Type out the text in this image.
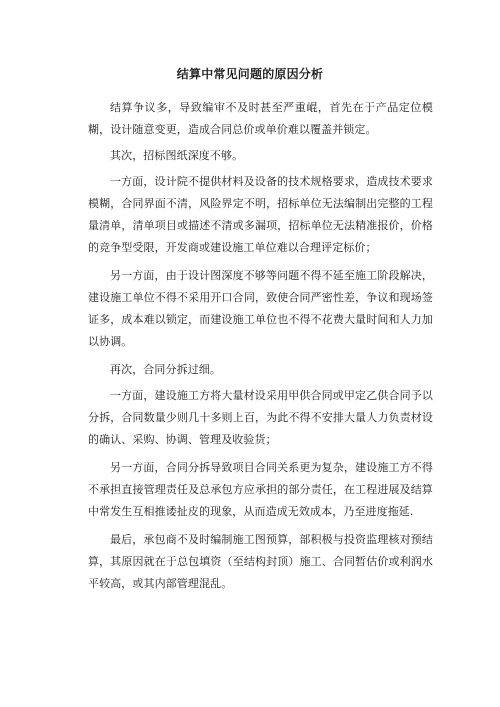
结算中常见问题的原因分析

结算争议多，导致编审不及时甚至严重崐，首先在于产品定位模糊，设计随意变更，造成合同总价或单价难以覆盖并锁定。

其次，招标图纸深度不够。

一方面，设计院不提供材料及设备的技术规格要求，造成技术要求模糊，合同界面不清，风险界定不明，招标单位无法编制出完整的工程量清单，清单项目或描述不清或多漏项，招标单位无法精准报价，价格的竞争型受限，开发商或建设施工单位难以合理评定标价；

另一方面，由于设计图深度不够等问题不得不延至施工阶段解决，建设施工单位不得不采用开口合同，致使合同严密性差，争议和现场签证多，成本难以锁定，而建设施工单位也不得不花费大量时间和人力加以协调。

再次，合同分拆过细。

一方面，建设施工方将大量材设采用甲供合同或甲定乙供合同予以分拆，合同数量少则几十多则上百，为此不得不安排大量人力负责材设的确认、采购、协调、管理及收验货；

另一方面，合同分拆导致项目合同关系更为复杂，建设施工方不得不承担直接管理责任及总承包方应承担的部分责任，在工程进展及结算中常发生互相推诿扯皮的现象，从而造成无效成本，乃至进度拖延.

最后，承包商不及时编制施工图预算，部积极与投资监理核对预结算，其原因就在于总包填资（至结构封顶）施工、合同暂估价或利润水平较高，或其内部管理混乱。
